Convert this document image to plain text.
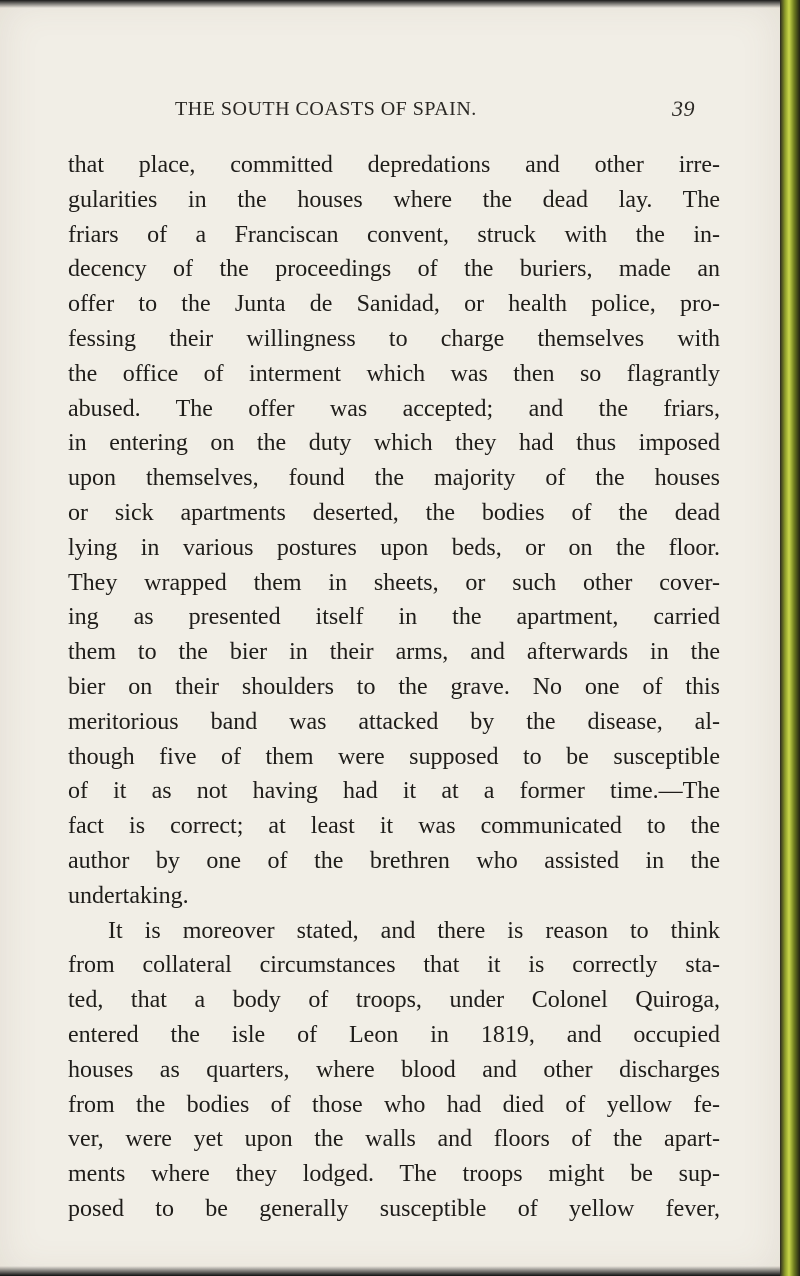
THE SOUTH COASTS OF SPAIN.	39
that place, committed depredations and other irre-
gularities in the houses where the dead lay. The
friars of a Franciscan convent, struck with the in-
decency of the proceedings of the buriers, made an
offer to the Junta de Sanidad, or health police, pro-
fessing their willingness to charge themselves with
the office of interment which was then so flagrantly
abused. The offer was accepted; and the friars,
in entering on the duty which they had thus imposed
upon themselves, found the majority of the houses
or sick apartments deserted, the bodies of the dead
lying in various postures upon beds, or on the floor.
They wrapped them in sheets, or such other cover-
ing as presented itself in the apartment, carried
them to the bier in their arms, and afterwards in the
bier on their shoulders to the grave. No one of this
meritorious band was attacked by the disease, al-
though five of them were supposed to be susceptible
of it as not having had it at a former time.—The
fact is correct; at least it was communicated to the
author by one of the brethren who assisted in the
undertaking.
It is moreover stated, and there is reason to think
from collateral circumstances that it is correctly sta-
ted, that a body of troops, under Colonel Quiroga,
entered the isle of Leon in 1819, and occupied
houses as quarters, where blood and other discharges
from the bodies of those who had died of yellow fe-
ver, were yet upon the walls and floors of the apart-
ments where they lodged. The troops might be sup-
posed to be generally susceptible of yellow fever,
